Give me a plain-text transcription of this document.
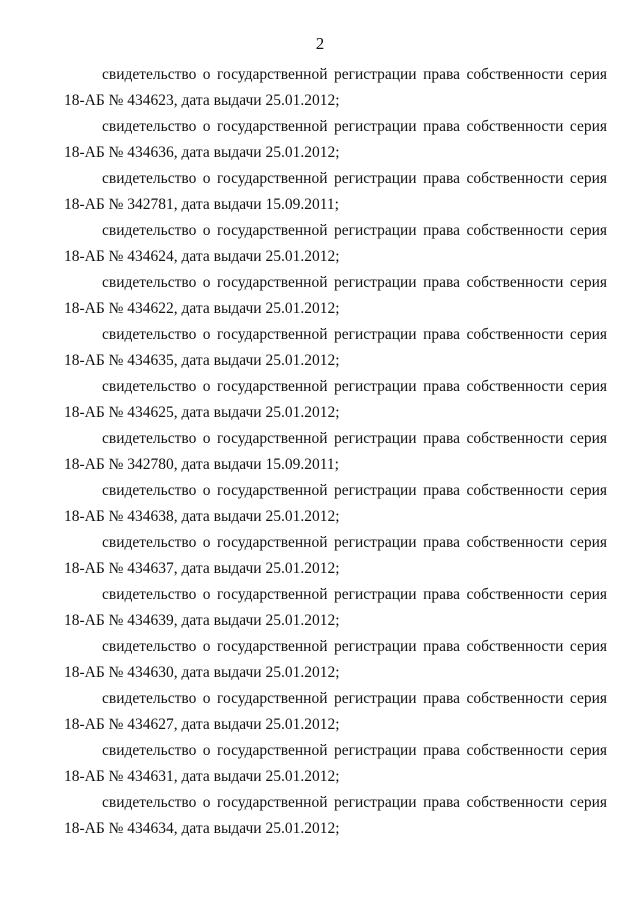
2
свидетельство о государственной регистрации права собственности серия
18-АБ № 434623, дата выдачи 25.01.2012;
свидетельство о государственной регистрации права собственности серия
18-АБ № 434636, дата выдачи 25.01.2012;
свидетельство о государственной регистрации права собственности серия
18-АБ № 342781, дата выдачи 15.09.2011;
свидетельство о государственной регистрации права собственности серия
18-АБ № 434624, дата выдачи 25.01.2012;
свидетельство о государственной регистрации права собственности серия
18-АБ № 434622, дата выдачи 25.01.2012;
свидетельство о государственной регистрации права собственности серия
18-АБ № 434635, дата выдачи 25.01.2012;
свидетельство о государственной регистрации права собственности серия
18-АБ № 434625, дата выдачи 25.01.2012;
свидетельство о государственной регистрации права собственности серия
18-АБ № 342780, дата выдачи 15.09.2011;
свидетельство о государственной регистрации права собственности серия
18-АБ № 434638, дата выдачи 25.01.2012;
свидетельство о государственной регистрации права собственности серия
18-АБ № 434637, дата выдачи 25.01.2012;
свидетельство о государственной регистрации права собственности серия
18-АБ № 434639, дата выдачи 25.01.2012;
свидетельство о государственной регистрации права собственности серия
18-АБ № 434630, дата выдачи 25.01.2012;
свидетельство о государственной регистрации права собственности серия
18-АБ № 434627, дата выдачи 25.01.2012;
свидетельство о государственной регистрации права собственности серия
18-АБ № 434631, дата выдачи 25.01.2012;
свидетельство о государственной регистрации права собственности серия
18-АБ № 434634, дата выдачи 25.01.2012;
